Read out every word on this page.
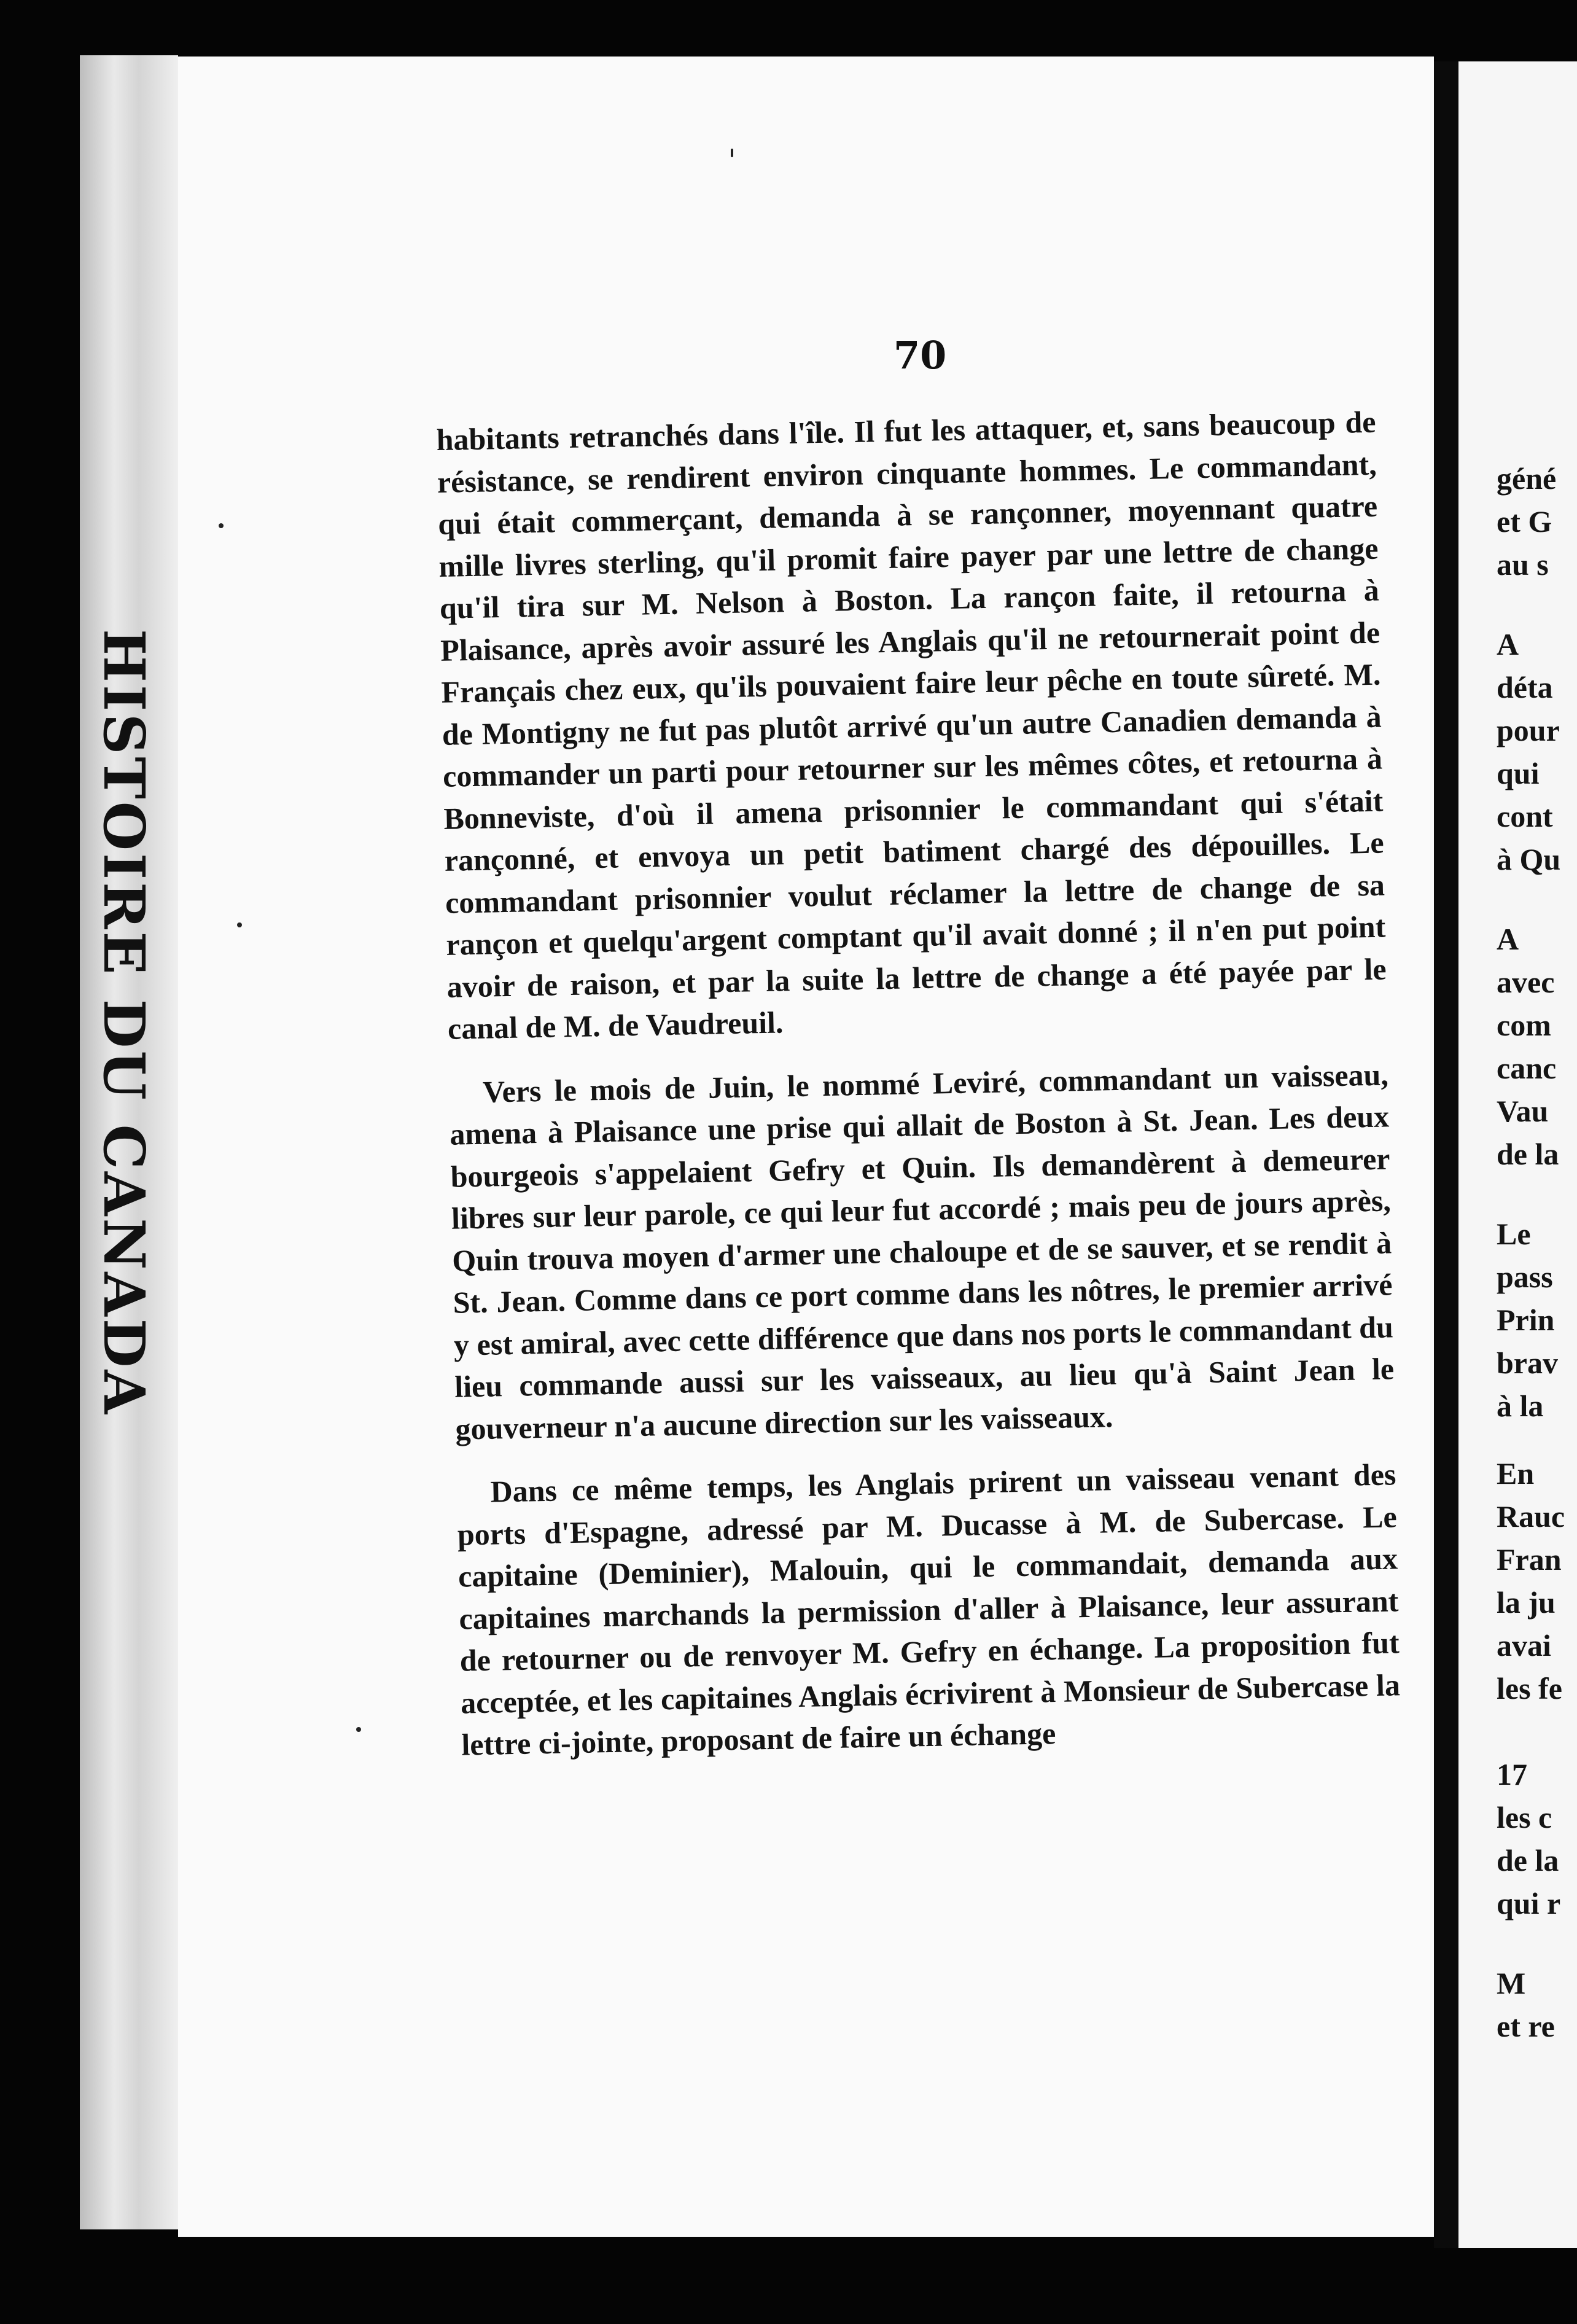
HISTOIRE DU CANADA
70

habitants retranchés dans l'île. Il fut les attaquer, et, sans beaucoup de résistance, se rendirent environ cinquante hommes. Le commandant, qui était commerçant, demanda à se rançonner, moyennant quatre mille livres sterling, qu'il promit faire payer par une lettre de change qu'il tira sur M. Nelson à Boston. La rançon faite, il retourna à Plaisance, après avoir assuré les Anglais qu'il ne retournerait point de Français chez eux, qu'ils pouvaient faire leur pêche en toute sûreté. M. de Montigny ne fut pas plutôt arrivé qu'un autre Canadien demanda à commander un parti pour retourner sur les mêmes côtes, et retourna à Bonneviste, d'où il amena prisonnier le commandant qui s'était rançonné, et envoya un petit batiment chargé des dépouilles. Le commandant prisonnier voulut réclamer la lettre de change de sa rançon et quelqu'argent comptant qu'il avait donné ; il n'en put point avoir de raison, et par la suite la lettre de change a été payée par le canal de M. de Vaudreuil.

Vers le mois de Juin, le nommé Leviré, commandant un vaisseau, amena à Plaisance une prise qui allait de Boston à St. Jean. Les deux bourgeois s'appelaient Gefry et Quin. Ils demandèrent à demeurer libres sur leur parole, ce qui leur fut accordé ; mais peu de jours après, Quin trouva moyen d'armer une chaloupe et de se sauver, et se rendit à St. Jean. Comme dans ce port comme dans les nôtres, le premier arrivé y est amiral, avec cette différence que dans nos ports le commandant du lieu commande aussi sur les vaisseaux, au lieu qu'à Saint Jean le gouverneur n'a aucune direction sur les vaisseaux.

Dans ce même temps, les Anglais prirent un vaisseau venant des ports d'Espagne, adressé par M. Ducasse à M. de Subercase. Le capitaine (Deminier), Malouin, qui le commandait, demanda aux capitaines marchands la permission d'aller à Plaisance, leur assurant de retourner ou de renvoyer M. Gefry en échange. La proposition fut acceptée, et les capitaines Anglais écrivirent à Monsieur de Subercase la lettre ci-jointe, proposant de faire un échange

géné
et G
au s
A
déta
pour
qui
cont
à Qu
A
avec
com
canc
Vau
de la
Le
pass
Prin
brav
à la
En
Rauc
Fran
la ju
avai
les fe
17
les c
de la
qui r
M
et re
